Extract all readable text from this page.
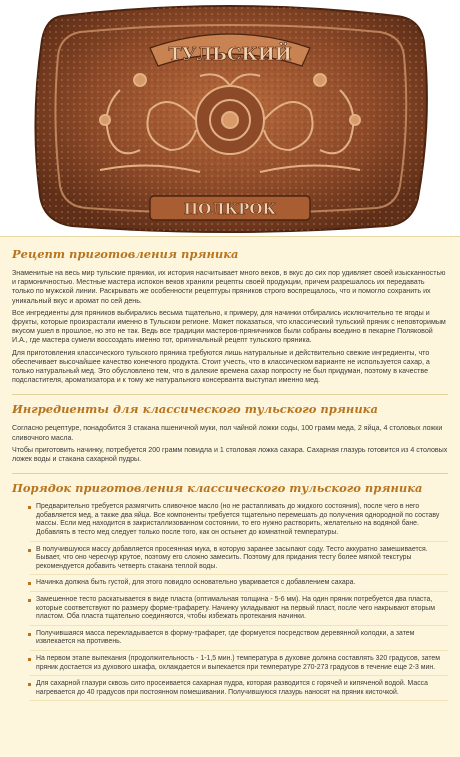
ТУЛЬСКИЙ
ПОЛКРОК
Рецепт приготовления пряника

Знаменитые на весь мир тульские пряники, их история насчитывает много веков, в вкус до сих пор удивляет своей изысканностью и гармоничностью. Местные мастера испокон веков хранили рецепты своей продукции, причем разрешалось их передавать только по мужской линии. Раскрывать же особенности рецептуры пряников строго воспрещалось, что и помогло сохранить их уникальный вкус и аромат по сей день.

Все ингредиенты для пряников выбирались весьма тщательно, к примеру, для начинки отбирались исключительно те ягоды и фрукты, которые произрастали именно в Тульском регионе. Может показаться, что классический тульский пряник с неповторимым вкусом ушел в прошлое, но это не так. Ведь все традиции мастеров-пряничников были собраны воедино в пекарне Поляковой И.А., где мастера сумели воссоздать именно тот, оригинальный рецепт тульского пряника.

Для приготовления классического тульского пряника требуются лишь натуральные и действительно свежие ингредиенты, что обеспечивает высочайшее качество конечного продукта. Стоит учесть, что в классическом варианте не используется сахар, а только натуральный мед. Это обусловлено тем, что в далекие времена сахар попросту не был придуман, поэтому в качестве подсластителя, ароматизатора и к тому же натурального консерванта выступал именно мед.

Ингредиенты для классического тульского пряника

Согласно рецептуре, понадобится 3 стакана пшеничной муки, пол чайной ложки соды, 100 грамм меда, 2 яйца, 4 столовых ложки сливочного масла.

Чтобы приготовить начинку, потребуется 200 грамм повидла и 1 столовая ложка сахара. Сахарная глазурь готовится из 4 столовых ложек воды и стакана сахарной пудры.

Порядок приготовления классического тульского пряника
Предварительно требуется размягчить сливочное масло (но не растапливать до жидкого состояния), после чего в него добавляется мед, а также два яйца. Все компоненты требуется тщательно перемешать до получения однородной по составу массы. Если мед находится в закристаллизованном состоянии, то его нужно растворить, желательно на водяной бане. Добавлять в тесто мед следует только после того, как он остынет до комнатной температуры.
В получившуюся массу добавляется просеянная мука, в которую заранее засыпают соду. Тесто аккуратно замешивается. Бывает, что оно чересчур крутое, поэтому его сложно замесить. Поэтому для придания тесту более мягкой текстуры рекомендуется добавить четверть стакана теплой воды.
Начинка должна быть густой, для этого повидло основательно уваривается с добавлением сахара.
Замешенное тесто раскатывается в виде пласта (оптимальная толщина - 5-6 мм). На один пряник потребуется два пласта, которые соответствуют по размеру форме-трафарету. Начинку укладывают на первый пласт, после чего накрывают вторым пластом. Оба пласта тщательно соединяются, чтобы избежать протекания начинки.
Получившаяся масса перекладывается в форму-трафарет, где формуется посредством деревянной колодки, а затем извлекается на противень.
На первом этапе выпекания (продолжительность - 1-1,5 мин.) температура в духовке должна составлять 320 градусов, затем пряник достается из духового шкафа, охлаждается и выпекается при температуре 270-273 градусов в течение еще 2-3 мин.
Для сахарной глазури сквозь сито просеивается сахарная пудра, которая разводится с горячей и кипяченой водой. Масса нагревается до 40 градусов при постоянном помешивании. Получившуюся глазурь наносят на пряник кисточкой.
